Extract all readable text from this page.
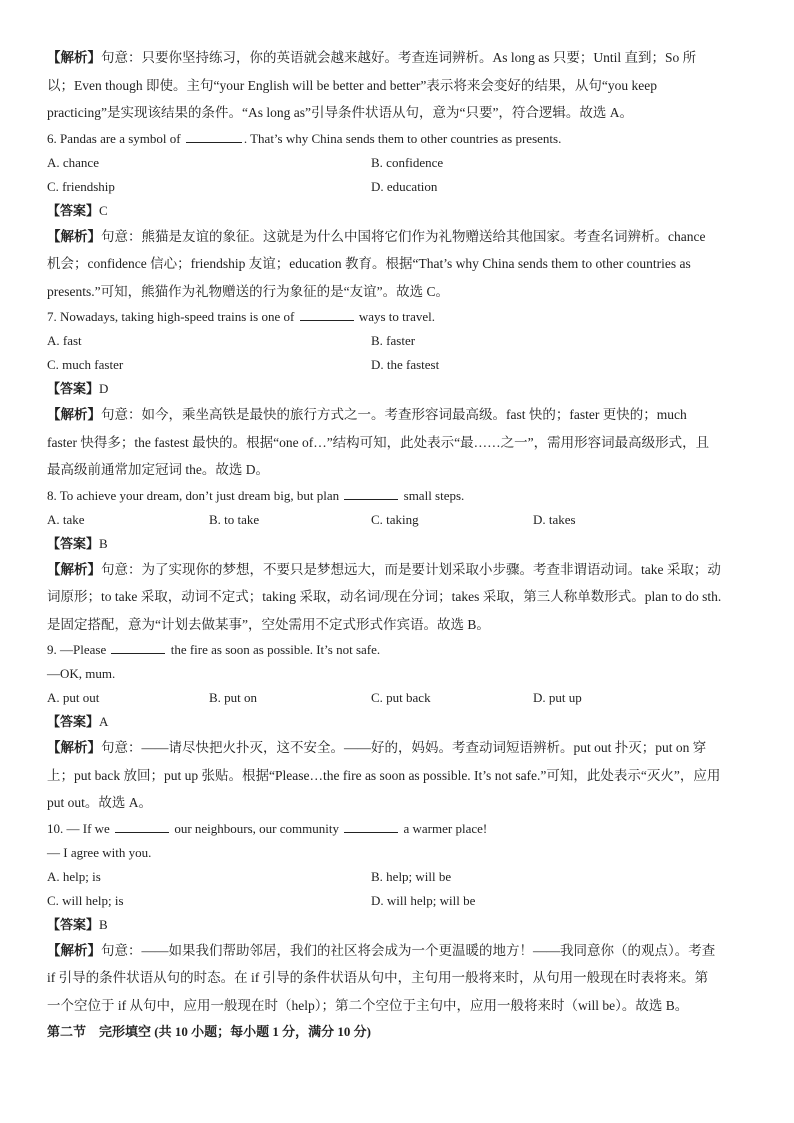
【解析】句意：只要你坚持练习，你的英语就会越来越好。考查连词辨析。As long as 只要；Until 直到；So 所
以；Even though 即使。主句“your English will be better and better”表示将来会变好的结果，从句“you keep
practicing”是实现该结果的条件。“As long as”引导条件状语从句，意为“只要”，符合逻辑。故选 A。
6. Pandas are a symbol of	. That’s why China sends them to other countries as presents.
A. chance	B. confidence
C. friendship	D. education
【答案】C
【解析】句意：熊猫是友谊的象征。这就是为什么中国将它们作为礼物赠送给其他国家。考查名词辨析。chance
机会；confidence 信心；friendship 友谊；education 教育。根据“That’s why China sends them to other countries as
presents.”可知，熊猫作为礼物赠送的行为象征的是“友谊”。故选 C。
7. Nowadays, taking high-speed trains is one of	ways to travel.
A. fast	B. faster
C. much faster	D. the fastest
【答案】D
【解析】句意：如今，乘坐高铁是最快的旅行方式之一。考查形容词最高级。fast 快的；faster 更快的；much
faster 快得多；the fastest 最快的。根据“one of…”结构可知，此处表示“最……之一”，需用形容词最高级形式，且
最高级前通常加定冠词 the。故选 D。
8. To achieve your dream, don’t just dream big, but plan	small steps.
A. take	B. to take	C. taking	D. takes
【答案】B
【解析】句意：为了实现你的梦想，不要只是梦想远大，而是要计划采取小步骤。考查非谓语动词。take 采取；动
词原形；to take 采取，动词不定式；taking 采取，动名词/现在分词；takes 采取，第三人称单数形式。plan to do sth.
是固定搭配，意为“计划去做某事”，空处需用不定式形式作宾语。故选 B。
9. —Please	the fire as soon as possible. It’s not safe.
—OK, mum.
A. put out	B. put on	C. put back	D. put up
【答案】A
【解析】句意：——请尽快把火扑灭，这不安全。——好的，妈妈。考查动词短语辨析。put out 扑灭；put on 穿
上；put back 放回；put up 张贴。根据“Please…the fire as soon as possible. It’s not safe.”可知，此处表示“灭火”，应用
put out。故选 A。
10. — If we	our neighbours, our community	a warmer place!
— I agree with you.
A. help; is	B. help; will be
C. will help; is	D. will help; will be
【答案】B
【解析】句意：——如果我们帮助邻居，我们的社区将会成为一个更温暖的地方！——我同意你（的观点）。考查
if 引导的条件状语从句的时态。在 if 引导的条件状语从句中，主句用一般将来时，从句用一般现在时表将来。第
一个空位于 if 从句中，应用一般现在时（help）；第二个空位于主句中，应用一般将来时（will be）。故选 B。
第二节　完形填空 (共 10 小题；每小题 1 分，满分 10 分)
